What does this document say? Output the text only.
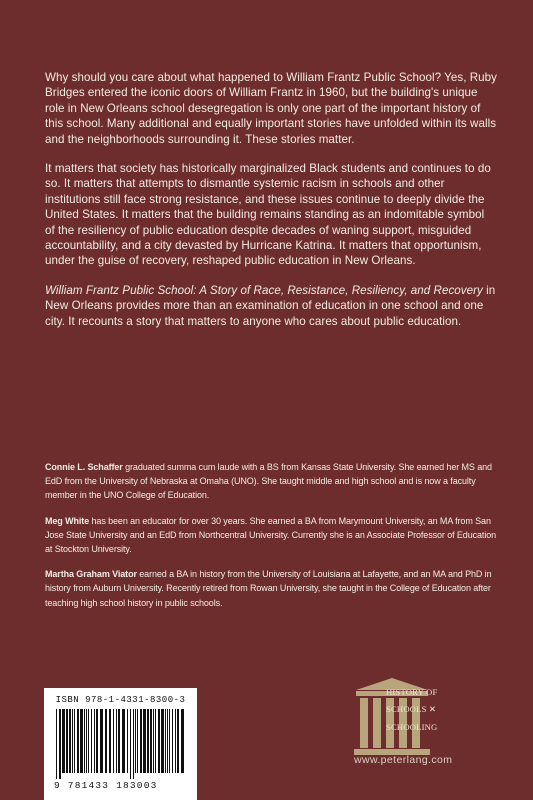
Why should you care about what happened to William Frantz Public School? Yes, Ruby Bridges entered the iconic doors of William Frantz in 1960, but the building's unique role in New Orleans school desegregation is only one part of the important history of this school. Many additional and equally important stories have unfolded within its walls and the neighborhoods surrounding it. These stories matter.

It matters that society has historically marginalized Black students and continues to do so. It matters that attempts to dismantle systemic racism in schools and other institutions still face strong resistance, and these issues continue to deeply divide the United States. It matters that the building remains standing as an indomitable symbol of the resiliency of public education despite decades of waning support, misguided accountability, and a city devasted by Hurricane Katrina. It matters that opportunism, under the guise of recovery, reshaped public education in New Orleans.

William Frantz Public School: A Story of Race, Resistance, Resiliency, and Recovery in New Orleans provides more than an examination of education in one school and one city. It recounts a story that matters to anyone who cares about public education.

Connie L. Schaffer graduated summa cum laude with a BS from Kansas State University. She earned her MS and EdD from the University of Nebraska at Omaha (UNO). She taught middle and high school and is now a faculty member in the UNO College of Education.

Meg White has been an educator for over 30 years. She earned a BA from Marymount University, an MA from San Jose State University and an EdD from Northcentral University. Currently she is an Associate Professor of Education at Stockton University.

Martha Graham Viator earned a BA in history from the University of Louisiana at Lafayette, and an MA and PhD in history from Auburn University. Recently retired from Rowan University, she taught in the College of Education after teaching high school history in public schools.

ISBN 978-1-4331-8300-3
9 781433 183003
HISTORY OF
SCHOOLS ✕
SCHOOLING
www.peterlang.com
